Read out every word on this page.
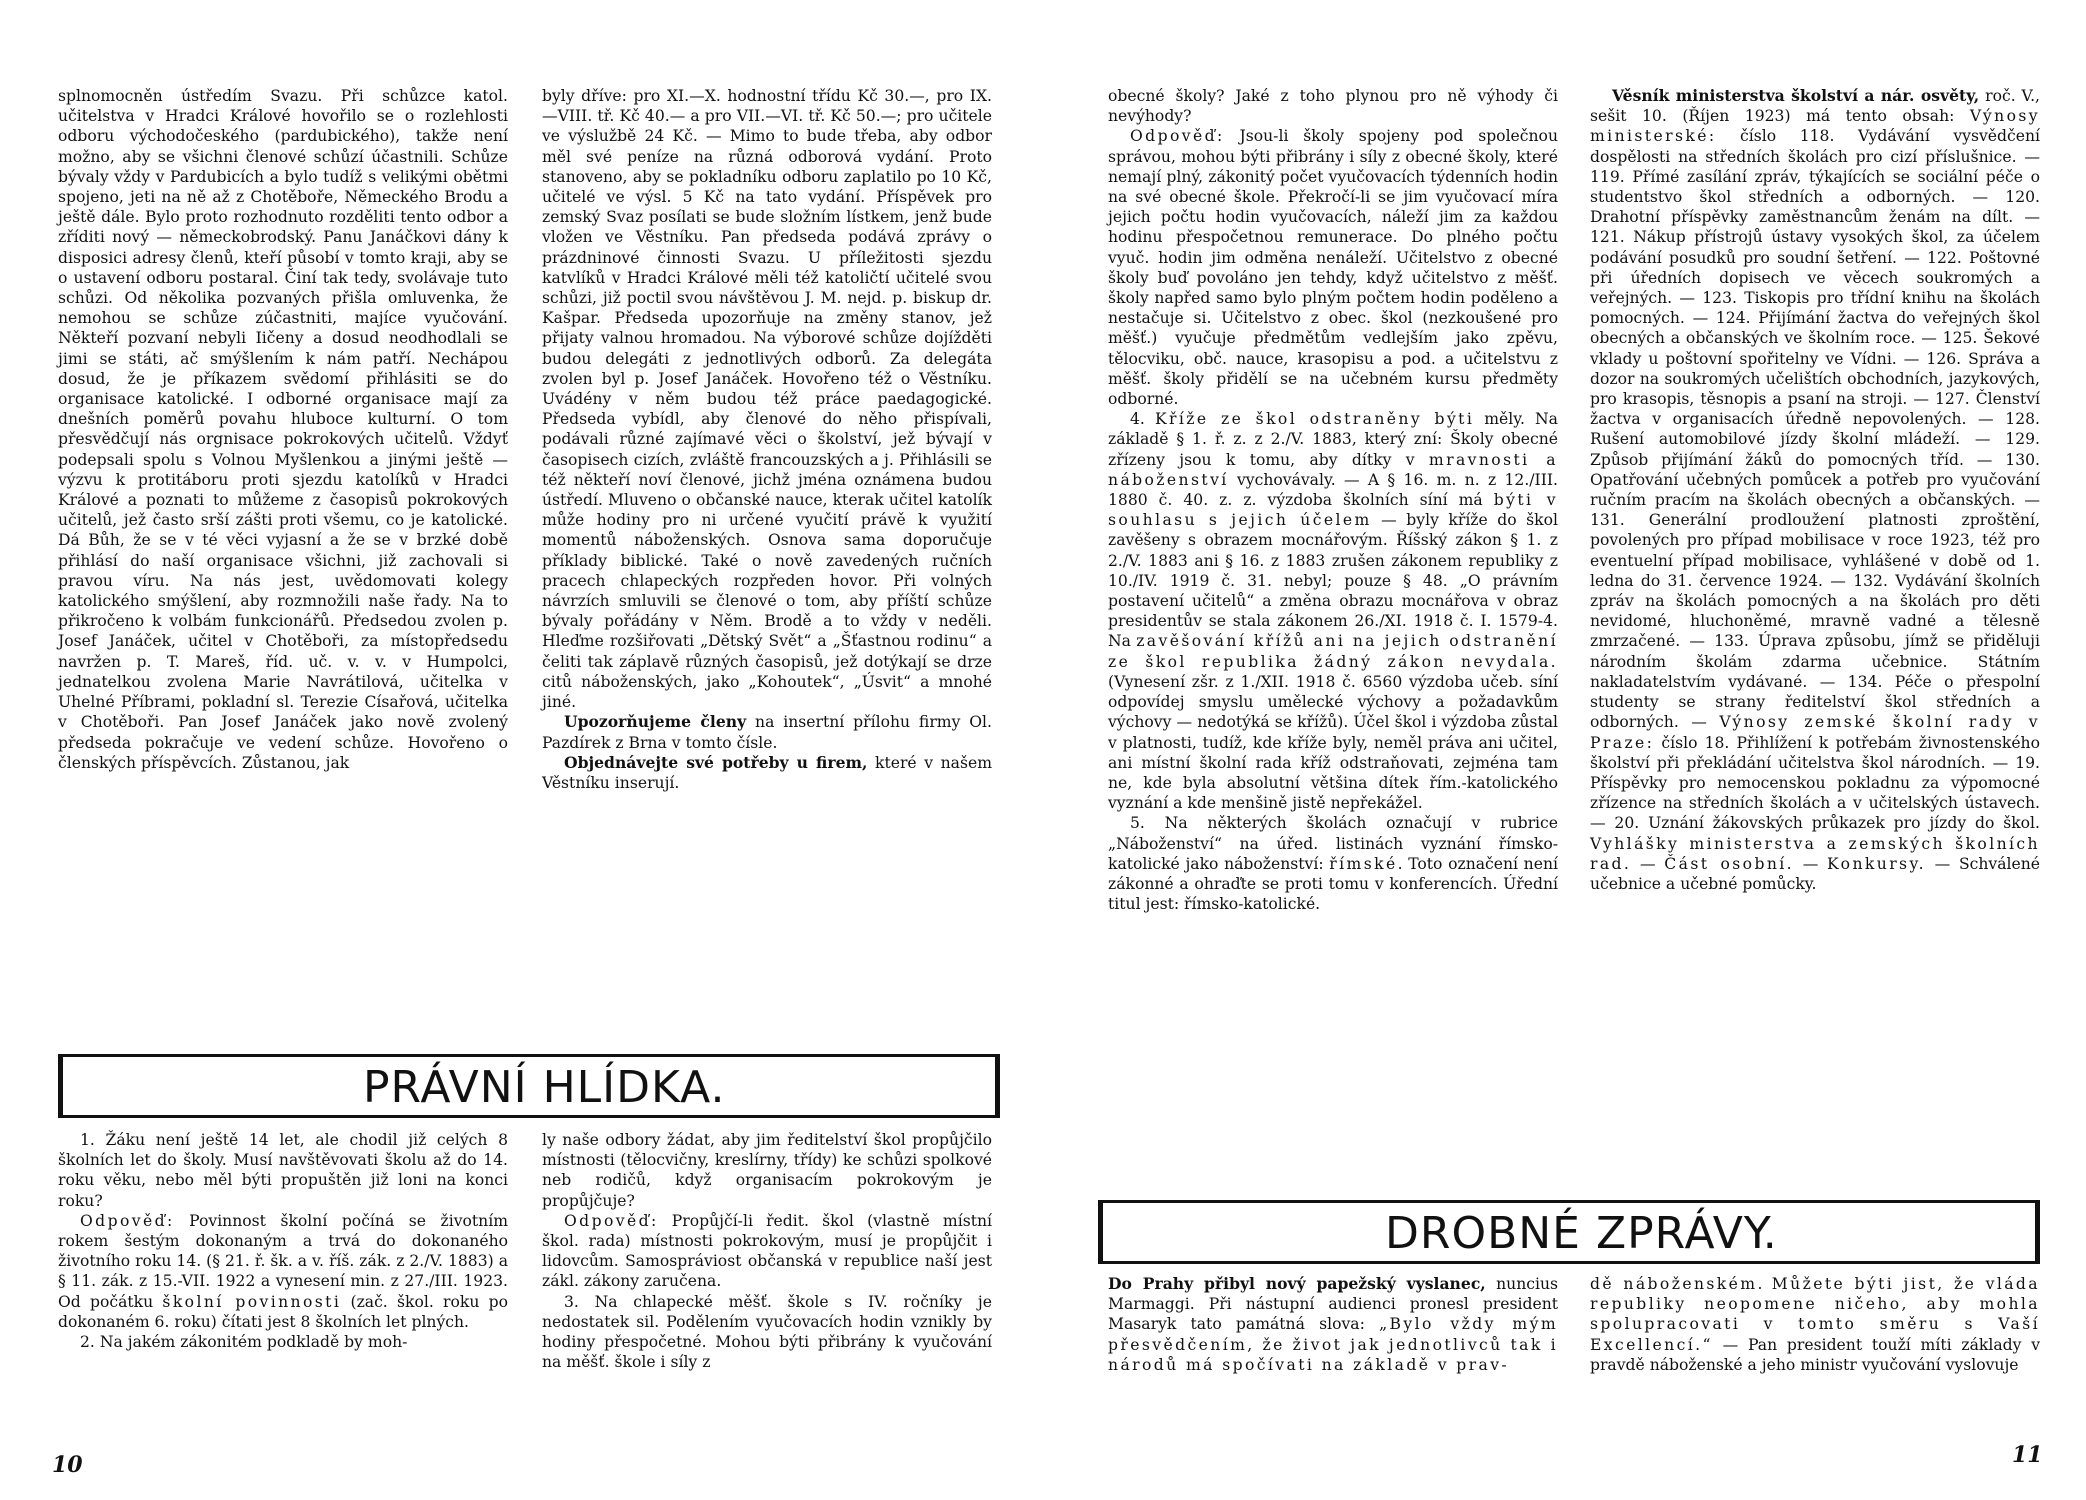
splnomocněn ústředím Svazu. Při schůzce katol. učitelstva v Hradci Králové hovořilo se o rozlehlosti odboru východočeského (pardubického), takže není možno, aby se všichni členové schůzí účastnili. Schůze bývaly vždy v Pardubicích a bylo tudíž s velikými obětmi spojeno, jeti na ně až z Chotěboře, Německého Brodu a ještě dále. Bylo proto rozhodnuto rozděliti tento odbor a zříditi nový — německobrodský. Panu Janáčkovi dány k disposici adresy členů, kteří působí v tomto kraji, aby se o ustavení odboru postaral. Činí tak tedy, svolávaje tuto schůzi. Od několika pozvaných přišla omluvenka, že nemohou se schůze zúčastniti, majíce vyučování. Někteří pozvaní nebyli Iičeny a dosud neodhodlali se jimi se státi, ač smýšlením k nám patří. Nechápou dosud, že je příkazem svědomí přihlásiti se do organisace katolické. I odborné organisace mají za dnešních poměrů povahu hluboce kulturní. O tom přesvědčují nás orgnisace pokrokových učitelů. Vždyť podepsali spolu s Volnou Myšlenkou a jinými ještě — výzvu k protitáboru proti sjezdu katolíků v Hradci Králové a poznati to můžeme z časopisů pokrokových učitelů, jež často srší zášti proti všemu, co je katolické. Dá Bůh, že se v té věci vyjasní a že se v brzké době přihlásí do naší organisace všichni, již zachovali si pravou víru. Na nás jest, uvědomovati kolegy katolického smýšlení, aby rozmnožili naše řady. Na to přikročeno k volbám funkcionářů. Předsedou zvolen p. Josef Janáček, učitel v Chotěboři, za místopředsedu navržen p. T. Mareš, říd. uč. v. v. v Humpolci, jednatelkou zvolena Marie Navrátilová, učitelka v Uhelné Příbrami, pokladní sl. Terezie Císařová, učitelka v Chotěboři. Pan Josef Janáček jako nově zvolený předseda pokračuje ve vedení schůze. Hovořeno o členských příspěvcích. Zůstanou, jak

byly dříve: pro XI.—X. hodnostní třídu Kč 30.—, pro IX.—VIII. tř. Kč 40.— a pro VII.—VI. tř. Kč 50.—; pro učitele ve výslužbě 24 Kč. — Mimo to bude třeba, aby odbor měl své peníze na různá odborová vydání. Proto stanoveno, aby se pokladníku odboru zaplatilo po 10 Kč, učitelé ve výsl. 5 Kč na tato vydání. Příspěvek pro zemský Svaz posílati se bude složním lístkem, jenž bude vložen ve Věstníku. Pan předseda podává zprávy o prázdninové činnosti Svazu. U příležitosti sjezdu katvlíků v Hradci Králové měli též katoličtí učitelé svou schůzi, již poctil svou návštěvou J. M. nejd. p. biskup dr. Kašpar. Předseda upozorňuje na změny stanov, jež přijaty valnou hromadou. Na výborové schůze dojížděti budou delegáti z jednotlivých odborů. Za delegáta zvolen byl p. Josef Janáček. Hovořeno též o Věstníku. Uvádény v něm budou též práce paedagogické. Předseda vybídl, aby členové do něho přispívali, podávali různé zajímavé věci o školství, jež bývají v časopisech cizích, zvláště francouzských a j. Přihlásili se též někteří noví členové, jichž jména oznámena budou ústředí. Mluveno o občanské nauce, kterak učitel katolík může hodiny pro ni určené vyučití právě k využití momentů náboženských. Osnova sama doporučuje příklady biblické. Také o nově zavedených ručních pracech chlapeckých rozpředen hovor. Při volných návrzích smluvili se členové o tom, aby příští schůze bývaly pořádány v Něm. Brodě a to vždy v neděli. Hleďme rozšiřovati „Dětský Svět“ a „Šťastnou rodinu“ a čeliti tak záplavě různých časopisů, jež dotýkají se drze citů náboženských, jako „Kohoutek“, „Úsvit“ a mnohé jiné.

Upozorňujeme členy na insertní přílohu firmy Ol. Pazdírek z Brna v tomto čísle.

Objednávejte své potřeby u firem, které v našem Věstníku inserují.

PRÁVNÍ HLÍDKA.

1. Žáku není ještě 14 let, ale chodil již celých 8 školních let do školy. Musí navštěvovati školu až do 14. roku věku, nebo měl býti propuštěn již loni na konci roku?

Odpověď: Povinnost školní počíná se životním rokem šestým dokonaným a trvá do dokonaného životního roku 14. (§ 21. ř. šk. a v. říš. zák. z 2./V. 1883) a § 11. zák. z 15.-VII. 1922 a vynesení min. z 27./III. 1923. Od počátku školní povinnosti (zač. škol. roku po dokonaném 6. roku) čítati jest 8 školních let plných.

2. Na jakém zákonitém podkladě by moh-

ly naše odbory žádat, aby jim ředitelství škol propůjčilo místnosti (tělocvičny, kreslírny, třídy) ke schůzi spolkové neb rodičů, když organisacím pokrokovým je propůjčuje?

Odpověď: Propůjčí-li ředit. škol (vlastně místní škol. rada) místnosti pokrokovým, musí je propůjčit i lidovcům. Samospráviost občanská v republice naší jest zákl. zákony zaručena.

3. Na chlapecké měšť. škole s IV. ročníky je nedostatek sil. Podělením vyučovacích hodin vznikly by hodiny přespočetné. Mohou býti přibrány k vyučování na měšť. škole i síly z

10

obecné školy? Jaké z toho plynou pro ně výhody či nevýhody?

Odpověď: Jsou-li školy spojeny pod společnou správou, mohou býti přibrány i síly z obecné školy, které nemají plný, zákonitý počet vyučovacích týdenních hodin na své obecné škole. Překročí-li se jim vyučovací míra jejich počtu hodin vyučovacích, náleží jim za každou hodinu přespočetnou remunerace. Do plného počtu vyuč. hodin jim odměna nenáleží. Učitelstvo z obecné školy buď povoláno jen tehdy, když učitelstvo z měšť. školy napřed samo bylo plným počtem hodin poděleno a nestačuje si. Učitelstvo z obec. škol (nezkoušené pro měšť.) vyučuje předmětům vedlejším jako zpěvu, tělocviku, obč. nauce, krasopisu a pod. a učitelstvu z měšť. školy přidělí se na učebném kursu předměty odborné.

4. Kříže ze škol odstraněny býti měly. Na základě § 1. ř. z. z 2./V. 1883, který zní: Školy obecné zřízeny jsou k tomu, aby dítky v mravnosti a náboženství vychovávaly. — A § 16. m. n. z 12./III. 1880 č. 40. z. z. výzdoba školních síní má býti v souhlasu s jejich účelem — byly kříže do škol zavěšeny s obrazem mocnářovým. Říšský zákon § 1. z 2./V. 1883 ani § 16. z 1883 zrušen zákonem republiky z 10./IV. 1919 č. 31. nebyl; pouze § 48. „O právním postavení učitelů“ a změna obrazu mocnářova v obraz presidentův se stala zákonem 26./XI. 1918 č. I. 1579-4. Na zavěšování křížů ani na jejich odstranění ze škol republika žádný zákon nevydala. (Vynesení zšr. z 1./XII. 1918 č. 6560 výzdoba učeb. síní odpovídej smyslu umělecké výchovy a požadavkům výchovy — nedotýká se křížů). Účel škol i výzdoba zůstal v platnosti, tudíž, kde kříže byly, neměl práva ani učitel, ani místní školní rada kříž odstraňovati, zejména tam ne, kde byla absolutní většina dítek řím.-katolického vyznání a kde menšině jistě nepřekážel.

5. Na některých školách označují v rubrice „Náboženství“ na úřed. listinách vyznání římsko-katolické jako náboženství: římské. Toto označení není zákonné a ohraďte se proti tomu v konferencích. Úřední titul jest: římsko-katolické.

Věsník ministerstva školství a nár. osvěty, roč. V., sešit 10. (Říjen 1923) má tento obsah: Výnosy ministerské: číslo 118. Vydávání vysvědčení dospělosti na středních školách pro cizí příslušnice. — 119. Přímé zasílání zpráv, týkajících se sociální péče o studentstvo škol středních a odborných. — 120. Drahotní příspěvky zaměstnancům ženám na dílt. — 121. Nákup přístrojů ústavy vysokých škol, za účelem podávání posudků pro soudní šetření. — 122. Poštovné při úředních dopisech ve věcech soukromých a veřejných. — 123. Tiskopis pro třídní knihu na školách pomocných. — 124. Přijímání žactva do veřejných škol obecných a občanských ve školním roce. — 125. Šekové vklady u poštovní spořitelny ve Vídni. — 126. Správa a dozor na soukromých učelištích obchodních, jazykových, pro krasopis, těsnopis a psaní na stroji. — 127. Členství žactva v organisacích úředně nepovolených. — 128. Rušení automobilové jízdy školní mládeží. — 129. Způsob přijímání žáků do pomocných tříd. — 130. Opatřování učebných pomůcek a potřeb pro vyučování ručním pracím na školách obecných a občanských. — 131. Generální prodloužení platnosti zproštění, povolených pro případ mobilisace v roce 1923, též pro eventuelní případ mobilisace, vyhlášené v době od 1. ledna do 31. července 1924. — 132. Vydávání školních zpráv na školách pomocných a na školách pro děti nevidomé, hluchoněmé, mravně vadné a tělesně zmrzačené. — 133. Úprava způsobu, jímž se přiděluji národním školám zdarma učebnice. Státním nakladatelstvím vydávané. — 134. Péče o přespolní studenty se strany ředitelství škol středních a odborných. — Výnosy zemské školní rady v Praze: číslo 18. Přihlížení k potřebám živnostenského školství při překládání učitelstva škol národních. — 19. Příspěvky pro nemocenskou pokladnu za výpomocné zřízence na středních školách a v učitelských ústavech. — 20. Uznání žákovských průkazek pro jízdy do škol. Vyhlášky ministerstva a zemských školních rad. — Část osobní. — Konkursy. — Schválené učebnice a učebné pomůcky.

DROBNÉ ZPRÁVY.

Do Prahy přibyl nový papežský vyslanec, nuncius Marmaggi. Při nástupní audienci pronesl president Masaryk tato památná slova: „Bylo vždy mým přesvědčením, že život jak jednotlivců tak i národů má spočívati na základě v prav-

dě náboženském. Můžete býti jist, že vláda republiky neopomene ničeho, aby mohla spolupracovati v tomto směru s Vaší Excellencí.“ — Pan president touží míti základy v pravdě náboženské a jeho ministr vyučování vyslovuje

11
